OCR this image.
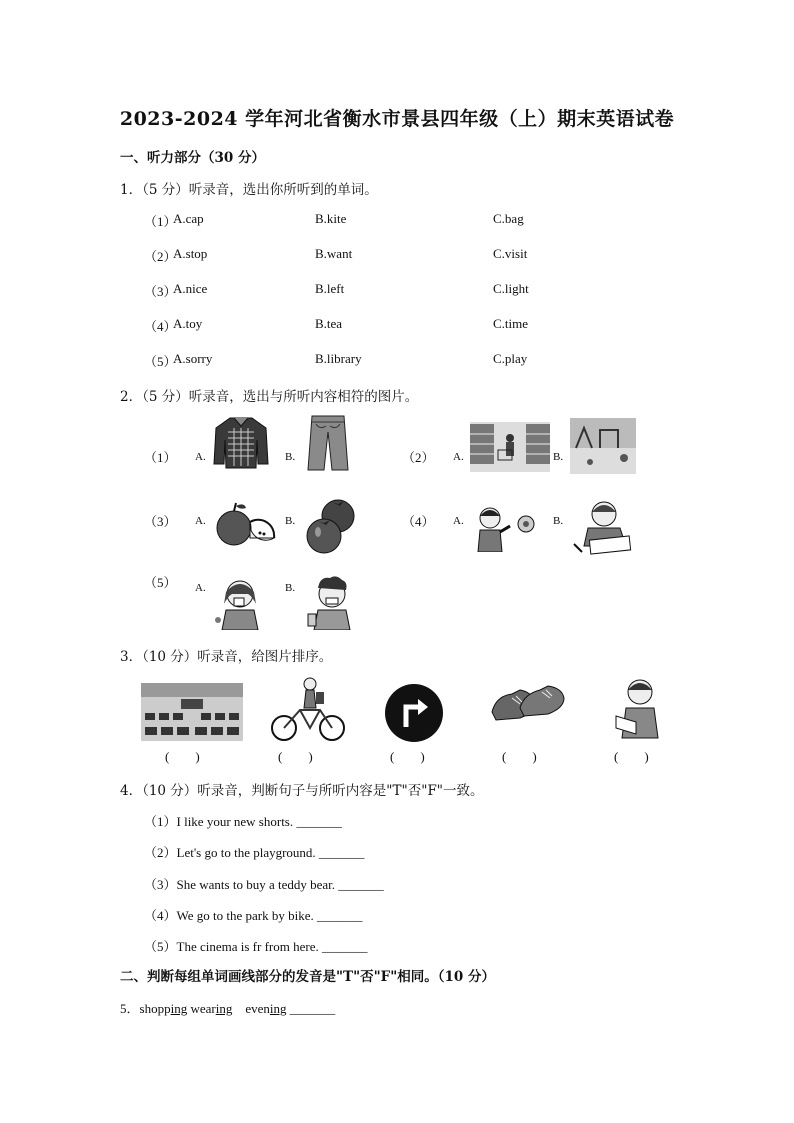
2023-2024 学年河北省衡水市景县四年级（上）期末英语试卷
一、听力部分（30 分）
1．（5 分）听录音，选出你所听到的单词。
（1）
A.cap	B.kite	C.bag
（2）
A.stop	B.want	C.visit
（3）
A.nice	B.left	C.light
（4）
A.toy	B.tea	C.time
（5）
A.sorry	B.library	C.play
2．（5 分）听录音，选出与所听内容相符的图片。
（1） A.	B.	（2） A.	B.
（3） A.	B.	（4） A.	B.
（5） A.	B.
3．（10 分）听录音，给图片排序。
(        )	(        )	(        )	(        )	(        )
4．（10 分）听录音，判断句子与所听内容是"T"否"F"一致。
（1）I like your new shorts. _______
（2）Let's go to the playground. _______
（3）She wants to buy a teddy bear. _______
（4）We go to the park by bike. _______
（5）The cinema is fr from here. _______
二、判断每组单词画线部分的发音是"T"否"F"相同。（10 分）
5．shopping wearing    evening _______
